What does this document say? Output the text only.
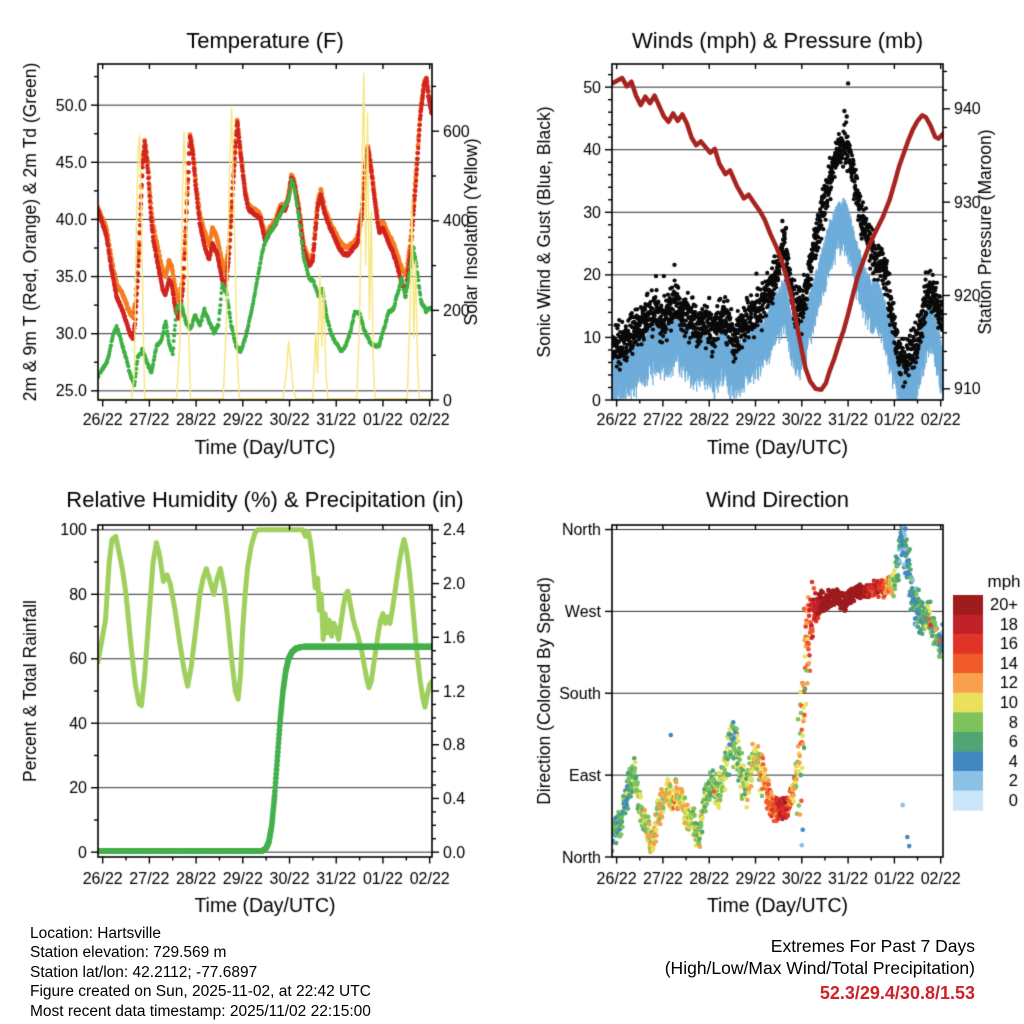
Location: Hartsville
Station elevation: 729.569 m
Station lat/lon: 42.2112; -77.6897
Figure created on Sun, 2025-11-02, at 22:42 UTC
Most recent data timestamp: 2025/11/02 22:15:00
Extremes For Past 7 Days
(High/Low/Max Wind/Total Precipitation)
52.3/29.4/30.8/1.53
